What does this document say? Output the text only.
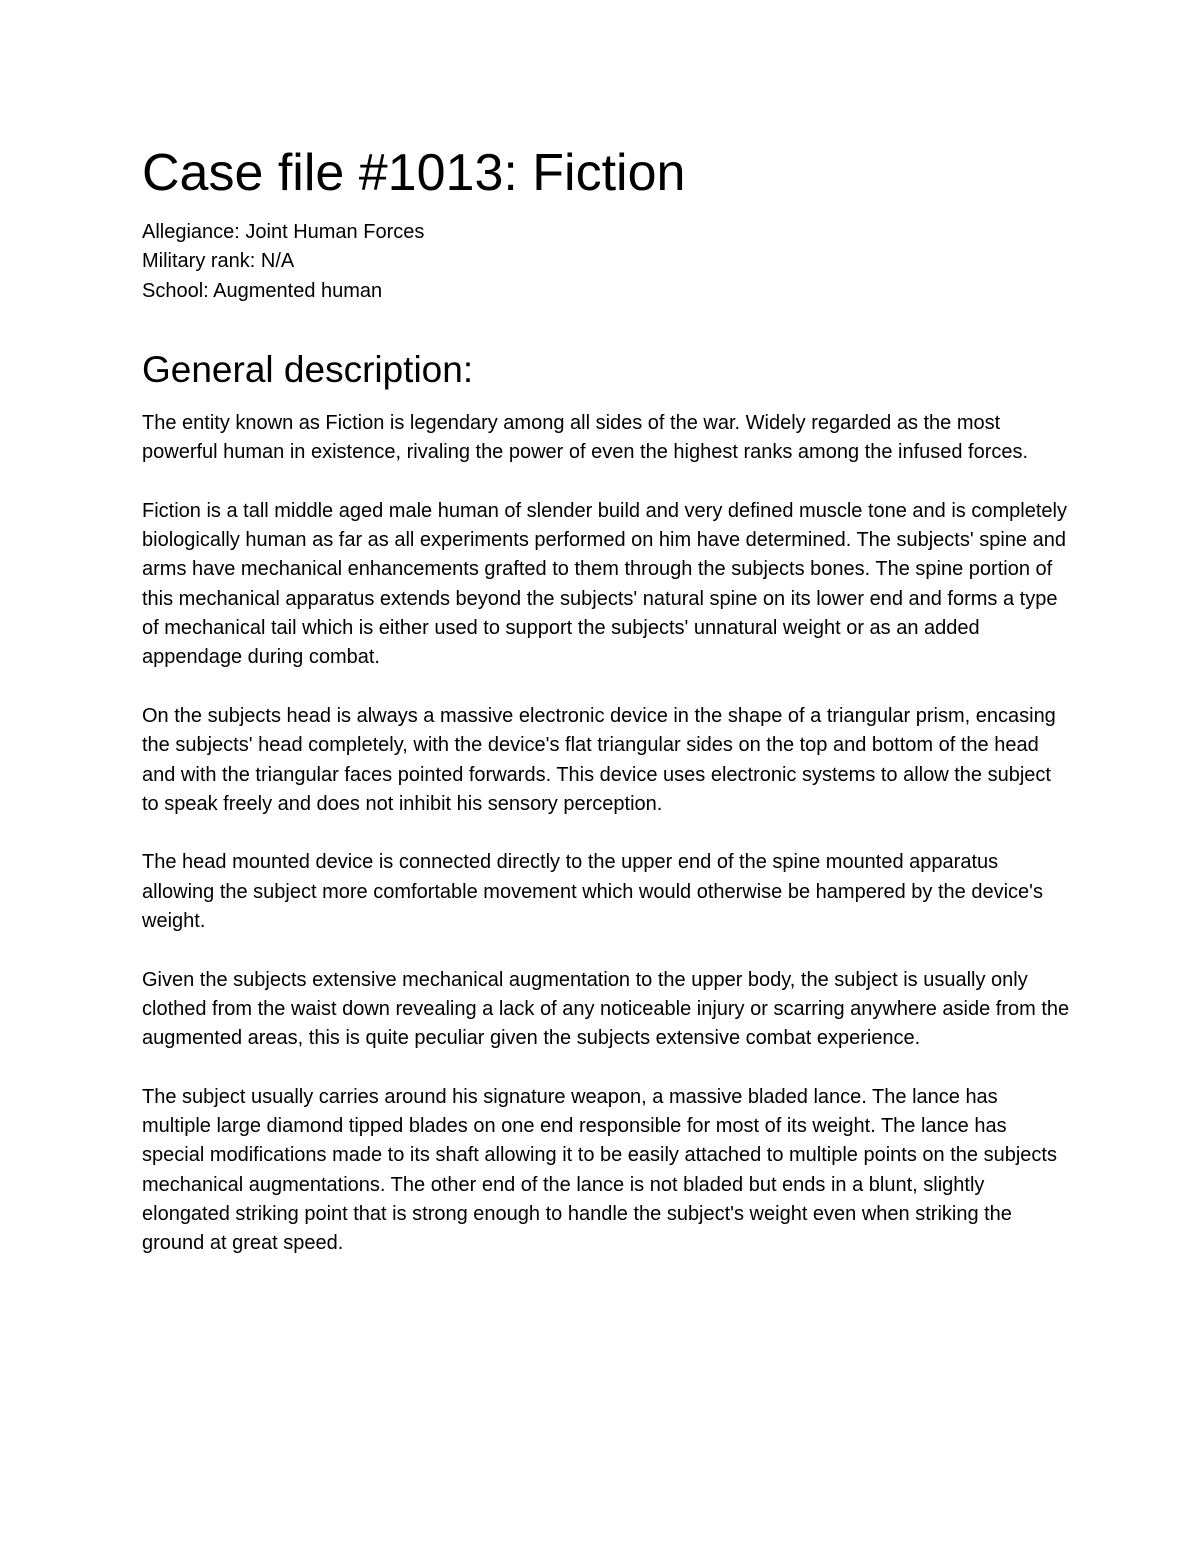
Case file #1013: Fiction
Allegiance: Joint Human Forces
Military rank: N/A
School: Augmented human
General description:

The entity known as Fiction is legendary among all sides of the war. Widely regarded as the most powerful human in existence, rivaling the power of even the highest ranks among the infused forces.

Fiction is a tall middle aged male human of slender build and very defined muscle tone and is completely biologically human as far as all experiments performed on him have determined. The subjects' spine and arms have mechanical enhancements grafted to them through the subjects bones. The spine portion of this mechanical apparatus extends beyond the subjects' natural spine on its lower end and forms a type of mechanical tail which is either used to support the subjects' unnatural weight or as an added appendage during combat.

On the subjects head is always a massive electronic device in the shape of a triangular prism, encasing the subjects' head completely, with the device's flat triangular sides on the top and bottom of the head and with the triangular faces pointed forwards. This device uses electronic systems to allow the subject to speak freely and does not inhibit his sensory perception.

The head mounted device is connected directly to the upper end of the spine mounted apparatus allowing the subject more comfortable movement which would otherwise be hampered by the device's weight.

Given the subjects extensive mechanical augmentation to the upper body, the subject is usually only clothed from the waist down revealing a lack of any noticeable injury or scarring anywhere aside from the augmented areas, this is quite peculiar given the subjects extensive combat experience.

The subject usually carries around his signature weapon, a massive bladed lance. The lance has multiple large diamond tipped blades on one end responsible for most of its weight. The lance has special modifications made to its shaft allowing it to be easily attached to multiple points on the subjects mechanical augmentations. The other end of the lance is not bladed but ends in a blunt, slightly elongated striking point that is strong enough to handle the subject's weight even when striking the ground at great speed.
